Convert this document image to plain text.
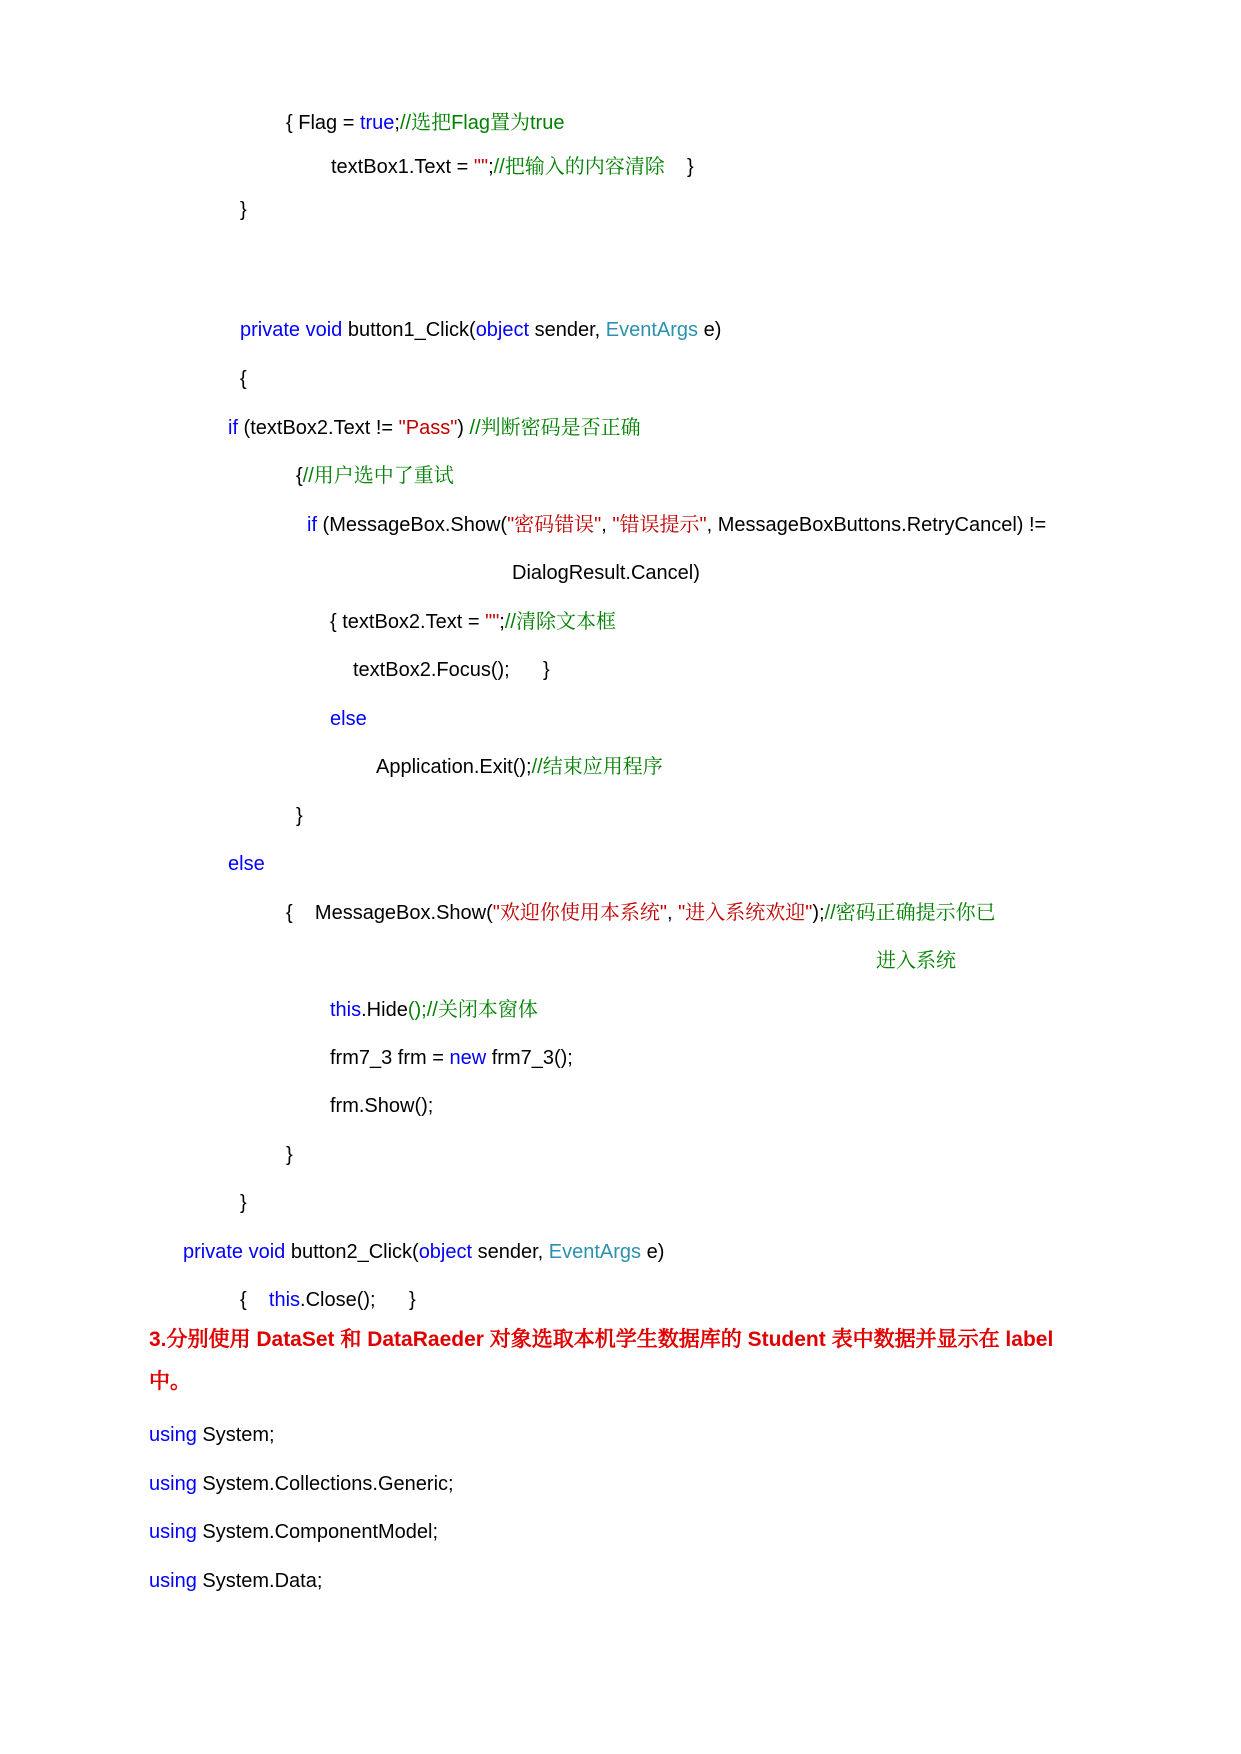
{ Flag = true;//选把Flag置为true
textBox1.Text = "";//把输入的内容清除    }
}
private void button1_Click(object sender, EventArgs e)
{
if (textBox2.Text != "Pass") //判断密码是否正确
{//用户选中了重试
if (MessageBox.Show("密码错误", "错误提示", MessageBoxButtons.RetryCancel) !=
DialogResult.Cancel)
{ textBox2.Text = "";//清除文本框
textBox2.Focus();      }
else
Application.Exit();//结束应用程序
}
else
{    MessageBox.Show("欢迎你使用本系统", "进入系统欢迎");//密码正确提示你已
进入系统
this.Hide();//关闭本窗体
frm7_3 frm = new frm7_3();
frm.Show();
}
}
private void button2_Click(object sender, EventArgs e)
{    this.Close();      }
3.分别使用 DataSet 和 DataRaeder 对象选取本机学生数据库的 Student 表中数据并显示在 label
中。
using System;
using System.Collections.Generic;
using System.ComponentModel;
using System.Data;
